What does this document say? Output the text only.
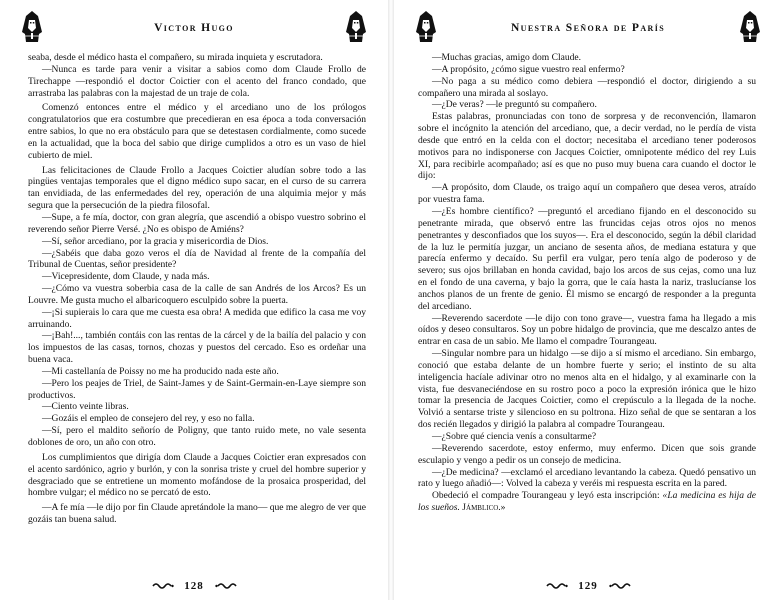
Victor Hugo

seaba, desde el médico hasta el compañero, su mirada inquieta y escrutadora.

—Nunca es tarde para venir a visitar a sabios como dom Claude Frollo de Tirechappe —respondió el doctor Coictier con el acento del franco condado, que arrastraba las palabras con la majestad de un traje de cola.

Comenzó entonces entre el médico y el arcediano uno de los prólogos congratulatorios que era costumbre que precedieran en esa época a toda conversación entre sabios, lo que no era obstáculo para que se detestasen cordialmente, como sucede en la actualidad, que la boca del sabio que dirige cumplidos a otro es un vaso de hiel cubierto de miel.

Las felicitaciones de Claude Frollo a Jacques Coictier aludían sobre todo a las pingües ventajas temporales que el digno médico supo sacar, en el curso de su carrera tan envidiada, de las enfermedades del rey, operación de una alquimia mejor y más segura que la persecución de la piedra filosofal.

—Supe, a fe mía, doctor, con gran alegría, que ascendió a obispo vuestro sobrino el reverendo señor Pierre Versé. ¿No es obispo de Amiéns?

—Sí, señor arcediano, por la gracia y misericordia de Dios.

—¿Sabéis que daba gozo veros el día de Navidad al frente de la compañía del Tribunal de Cuentas, señor presidente?

—Vicepresidente, dom Claude, y nada más.

—¿Cómo va vuestra soberbia casa de la calle de san Andrés de los Arcos? Es un Louvre. Me gusta mucho el albaricoquero esculpido sobre la puerta.

—¡Si supierais lo cara que me cuesta esa obra! A medida que edifico la casa me voy arruinando.

—¡Bah!..., también contáis con las rentas de la cárcel y de la bailía del palacio y con los impuestos de las casas, tornos, chozas y puestos del cercado. Eso es ordeñar una buena vaca.

—Mi castellanía de Poissy no me ha producido nada este año.

—Pero los peajes de Triel, de Saint-James y de Saint-Germain-en-Laye siempre son productivos.

—Ciento veinte libras.

—Gozáis el empleo de consejero del rey, y eso no falla.

—Sí, pero el maldito señorío de Poligny, que tanto ruido mete, no vale sesenta doblones de oro, un año con otro.

Los cumplimientos que dirigía dom Claude a Jacques Coictier eran expresados con el acento sardónico, agrio y burlón, y con la sonrisa triste y cruel del hombre superior y desgraciado que se entretiene un momento mofándose de la prosaica prosperidad, del hombre vulgar; el médico no se percató de esto.

—A fe mía —le dijo por fin Claude apretándole la mano— que me alegro de ver que gozáis tan buena salud.

128
Nuestra Señora de París

—Muchas gracias, amigo dom Claude.

—A propósito, ¿cómo sigue vuestro real enfermo?

—No paga a su médico como debiera —respondió el doctor, dirigiendo a su compañero una mirada al soslayo.

—¿De veras? —le preguntó su compañero.

Estas palabras, pronunciadas con tono de sorpresa y de reconvención, llamaron sobre el incógnito la atención del arcediano, que, a decir verdad, no le perdía de vista desde que entró en la celda con el doctor; necesitaba el arcediano tener poderosos motivos para no indisponerse con Jacques Coictier, omnipotente médico del rey Luis XI, para recibirle acompañado; así es que no puso muy buena cara cuando el doctor le dijo:

—A propósito, dom Claude, os traigo aquí un compañero que desea veros, atraído por vuestra fama.

—¿Es hombre científico? —preguntó el arcediano fijando en el desconocido su penetrante mirada, que observó entre las fruncidas cejas otros ojos no menos penetrantes y desconfiados que los suyos—. Era el desconocido, según la débil claridad de la luz le permitía juzgar, un anciano de sesenta años, de mediana estatura y que parecía enfermo y decaído. Su perfil era vulgar, pero tenía algo de poderoso y de severo; sus ojos brillaban en honda cavidad, bajo los arcos de sus cejas, como una luz en el fondo de una caverna, y bajo la gorra, que le caía hasta la nariz, traslucíanse los anchos planos de un frente de genio. Él mismo se encargó de responder a la pregunta del arcediano.

—Reverendo sacerdote —le dijo con tono grave—, vuestra fama ha llegado a mis oídos y deseo consultaros. Soy un pobre hidalgo de provincia, que me descalzo antes de entrar en casa de un sabio. Me llamo el compadre Tourangeau.

—Singular nombre para un hidalgo —se dijo a sí mismo el arcediano. Sin embargo, conoció que estaba delante de un hombre fuerte y serio; el instinto de su alta inteligencia hacíale adivinar otro no menos alta en el hidalgo, y al examinarle con la vista, fue desvaneciéndose en su rostro poco a poco la expresión irónica que le hizo tomar la presencia de Jacques Coictier, como el crepúsculo a la llegada de la noche. Volvió a sentarse triste y silencioso en su poltrona. Hizo señal de que se sentaran a los dos recién llegados y dirigió la palabra al compadre Tourangeau.

—¿Sobre qué ciencia venís a consultarme?

—Reverendo sacerdote, estoy enfermo, muy enfermo. Dicen que sois grande esculapio y vengo a pedir os un consejo de medicina.

—¿De medicina? —exclamó el arcediano levantando la cabeza. Quedó pensativo un rato y luego añadió—: Volved la cabeza y veréis mi respuesta escrita en la pared.

Obedeció el compadre Tourangeau y leyó esta inscripción: «La medicina es hija de los sueños. Jámblico.»

129
